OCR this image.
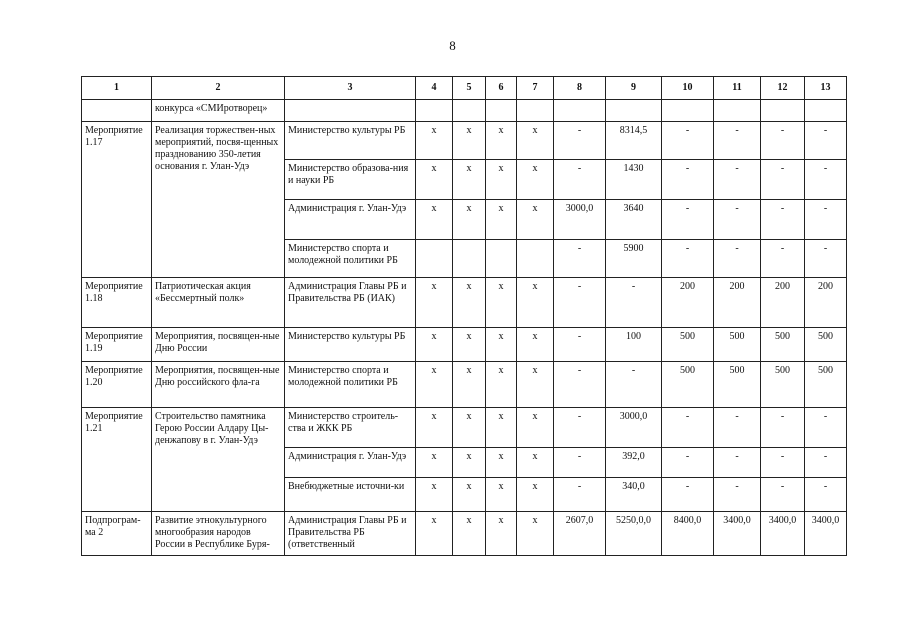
8
1	2	3	4	5	6	7	8	9	10	11	12	13
	конкурса «СМИротворец»											
Мероприятие 1.17	Реализация торжествен-ных мероприятий, посвя-щенных празднованию 350-летия основания г. Улан-Удэ	Министерство культуры РБ	х	х	х	х	-	8314,5	-	-	-	-
		Министерство образова-ния и науки РБ	х	х	х	х	-	1430	-	-	-	-
		Администрация г. Улан-Удэ	х	х	х	х	3000,0	3640	-	-	-	-
		Министерство спорта и молодежной политики РБ					-	5900	-	-	-	-
Мероприятие 1.18	Патриотическая акция «Бессмертный полк»	Администрация Главы РБ и Правительства РБ (ИАК)	х	х	х	х	-	-	200	200	200	200
Мероприятие 1.19	Мероприятия, посвящен-ные Дню России	Министерство культуры РБ	х	х	х	х	-	100	500	500	500	500
Мероприятие 1.20	Мероприятия, посвящен-ные Дню российского фла-га	Министерство спорта и молодежной политики РБ	х	х	х	х	-	-	500	500	500	500
Мероприятие 1.21	Строительство памятника Герою России Алдару Цы-денжапову в г. Улан-Удэ	Министерство строитель-ства и ЖКК РБ	х	х	х	х	-	3000,0	-	-	-	-
		Администрация г. Улан-Удэ	х	х	х	х	-	392,0	-	-	-	-
		Внебюджетные источни-ки	х	х	х	х	-	340,0	-	-	-	-
Подпрограм-ма 2	Развитие этнокультурного многообразия народов России в Республике Буря-	Администрация Главы РБ и Правительства РБ (ответственный	х	х	х	х	2607,0	5250,0,0	8400,0	3400,0	3400,0	3400,0
